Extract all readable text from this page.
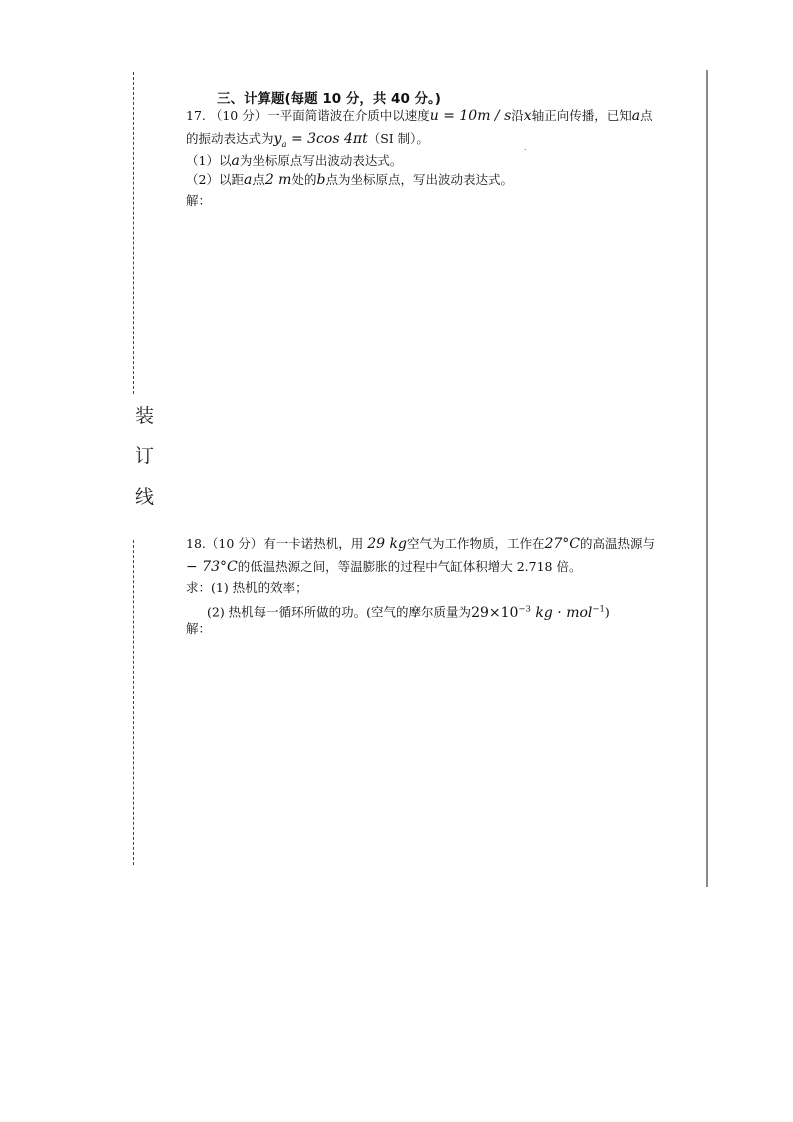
装
订
线
三、计算题(每题 10 分，共 40 分。)
17. （10 分）一平面简谐波在介质中以速度u = 10m / s沿x轴正向传播，已知a点
的振动表达式为$y_a = 3\cos$ 4πt（SI 制）。
.
（1）以a为坐标原点写出波动表达式。
（2）以距a点2 m处的b点为坐标原点，写出波动表达式。
解：
18.（10 分）有一卡诺热机，用 29 kg空气为工作物质，工作在27°C的高温热源与
− 73°C的低温热源之间，等温膨胀的过程中气缸体积增大 2.718 倍。
求：(1) 热机的效率；
(2) 热机每一循环所做的功。(空气的摩尔质量为$29\times 10^{-3}$ kg · mol$^{-1}$)
解：
